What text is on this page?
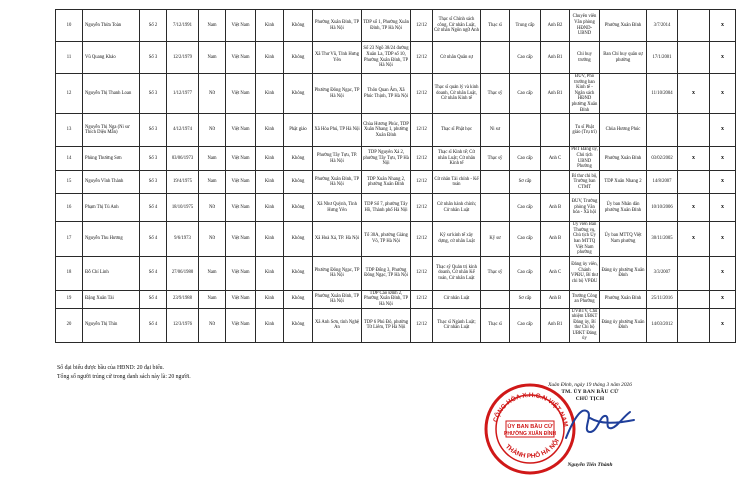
10	Nguyễn Thừa Toàn	Số 2	7/12/1991	Nam	Việt Nam	Kinh	Không	Phường Xuân Đỉnh, TP Hà Nội	TDP số 1, Phường Xuân Đỉnh, TP Hà Nội	12/12	Thạc sĩ Chính sách công, Cử nhân Luật, Cử nhân Ngôn ngữ Anh	Thạc sĩ	Trung cấp	Anh B2	Chuyên viên Văn phòng HĐND-UBND	Phường Xuân Đỉnh	3/7/2014		x
11	Vũ Quang Khảo	Số 3	12/2/1979	Nam	Việt Nam	Kinh	Không	Xã Thư Vũ, Tỉnh Hưng Yên	Số 23 Ngõ 38/24 đường Xuân La, TDP số 10, Phường Xuân Đỉnh, TP Hà Nội	12/12	Cử nhân Quân sự		Cao cấp	Anh B1	Chỉ huy trưởng	Ban Chỉ huy quân sự phường	17/1/2001		x
12	Nguyễn Thị Thanh Loan	Số 3	1/12/1977	Nữ	Việt Nam	Kinh	Không	Phường Đông Ngạc, TP Hà Nội	Thôn Quan Âm, Xã Phúc Thịnh, TP Hà Nội	12/12	Thạc sĩ quản lý và kinh doanh, Cử nhân Luật, Cử nhân Kinh tế	Thạc sỹ	Cao cấp	Anh B1	ĐUV, Phó trưởng ban Kinh tế - Ngân sách HĐND phường Xuân Đỉnh		11/10/2004	x	x
13	Nguyễn Thị Nga (Ni sư Thích Diệu Mẫn)	Số 3	4/12/1974	Nữ	Việt Nam	Kinh	Phật giáo	Xã Hòa Phú, TP Hà Nội	Chùa Hương Phúc, TDP Xuân Nhang 1, phường Xuân Đỉnh	12/12	Thạc sĩ Phật học	Ni sư			Tu sĩ Phật giáo (Trụ trì)	Chùa Hương Phúc			x
14	Phùng Thường Sơn	Số 3	03/06/1973	Nam	Việt Nam	Kinh	Không	Phường Tây Tựu, TP. Hà Nội	TDP Nguyên Xá 2, phường Tây Tựu, TP Hà Nội	12/12	Thạc sĩ Kinh tế; Cử nhân Luật; Cử nhân Kinh tế	Thạc sỹ	Cao cấp	Anh C	PBT Đảng ủy, Chủ tịch UBND Phường	Phường Xuân Đỉnh	03/02/2002	x	x
15	Nguyễn Vĩnh Thành	Số 3	19/4/1975	Nam	Việt Nam	Kinh	Không	Phường Xuân Đỉnh, TP Hà Nội	TDP Xuân Nhang 2, phường Xuân Đỉnh	12/12	Cử nhân Tài chính - Kế toán		Sơ cấp		Bí thư chi bộ, Trưởng ban CTMT	TDP Xuân Nhang 2	14/8/2007		x
16	Phạm Thị Tú Anh	Số 4	18/10/1975	Nữ	Việt Nam	Kinh	Không	Xã Như Quỳnh, Tỉnh Hưng Yên	TDP Số 7, phường Tây Hồ, Thành phố Hà Nội	12/12	Cử nhân hành chính; Cử nhân Luật		Cao cấp	Anh B	ĐUV, Trưởng phòng Văn hóa - Xã hội	Ủy ban Nhân dân phường Xuân Đỉnh	10/10/2006	x	x
17	Nguyễn Thu Hương	Số 4	9/6/1973	Nữ	Việt Nam	Kinh	Không	Xã Hoà Xá, TP. Hà Nội	Tổ 30A, phường Giảng Võ, TP Hà Nội	12/12	Kỹ sư kinh tế xây dựng, cử nhân Luật	Kỹ sư	Cao cấp	Anh B	Ủy viên Ban Thường vụ, Chủ tịch Ủy ban MTTQ Việt Nam phường	Ủy ban MTTQ Việt Nam phường	30/11/2005	x	x
18	Đỗ Chí Linh	Số 4	27/06/1980	Nam	Việt Nam	Kinh	Không	Phường Đông Ngạc, TP Hà Nội	TDP Đống 3, Phường Đông Ngạc, TP Hà Nội	12/12	Thạc sỹ Quản trị kinh doanh, Cử nhân Kế toán, Cử nhân Luật	Thạc sỹ	Cao cấp	Anh C	Đảng ủy viên, Chánh VPĐU, Bí thư chi bộ VPĐU	Đảng ủy phường Xuân Đỉnh	3/3/2007		x
19	Đặng Xuân Tài	Số 4	23/9/1988	Nam	Việt Nam	Kinh	Không	Phường Xuân Đỉnh, TP Hà Nội	TDP Cáo Đỉnh 2, Phường Xuân Đỉnh, TP Hà Nội	12/12	Cử nhân Luật		Sơ cấp	Anh B	Trưởng Công an Phường	Phường Xuân Đỉnh	25/11/2016		x
20	Nguyễn Thị Thìn	Số 4	12/3/1976	Nữ	Việt Nam	Kinh	Không	Xã Anh Sơn, tỉnh Nghệ An	TDP 6 Phú Đô, phường Từ Liêm, TP Hà Nội	12/12	Thạc sĩ Ngành Luật; Cử nhân Luật	Thạc sĩ	Cao cấp	Anh B1	UVBTV, Chủ nhiệm UBKT Đảng ủy, Bí thư Chi bộ UBKT Đảng ủy	Đảng ủy phường Xuân Đỉnh	14/03/2012		x
Số đại biểu được bầu của HĐND: 20 đại biểu.
Tổng số người trúng cử trong danh sách này là: 20 người.
CỘNG HÒA X.H.C.N VIỆT NAM
THÀNH PHỐ HÀ NỘI
ỦY BAN BẦU CỬ
PHƯỜNG XUÂN ĐỈNH
Xuân Đỉnh, ngày 19 tháng 3 năm 2026
TM. ỦY BAN BẦU CỬ
CHỦ TỊCH
Nguyễn Tiến Thành
